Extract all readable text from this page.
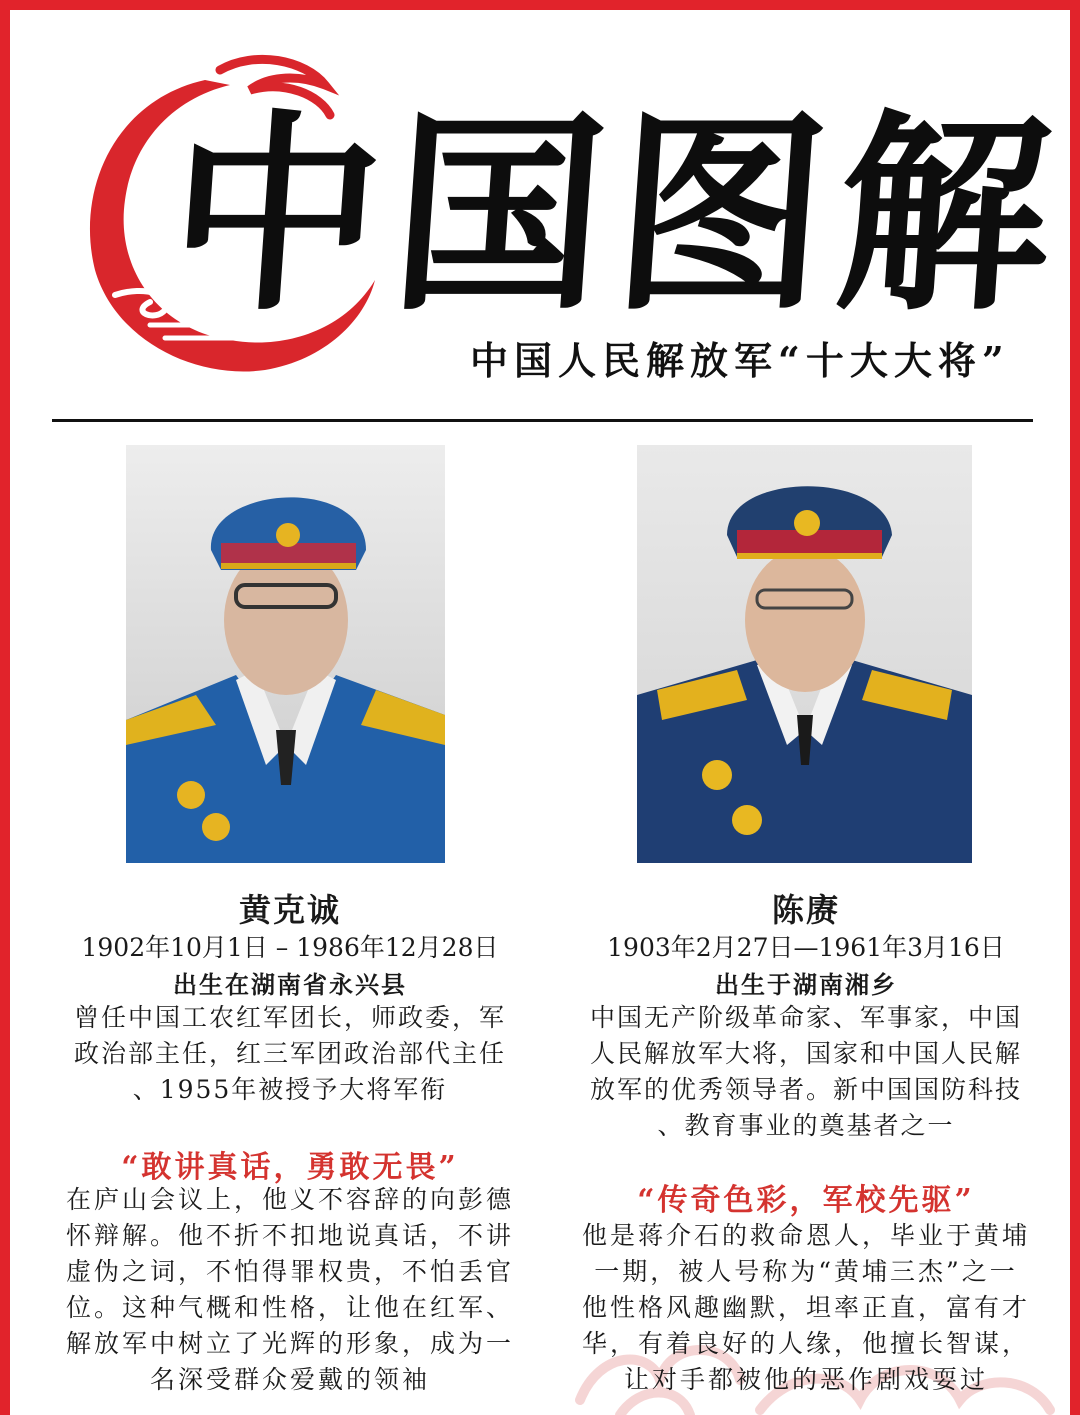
中
国
图
解
中国人民解放军“十大大将”
黄克诚
1902年10月1日 – 1986年12月28日
出生在湖南省永兴县
曾任中国工农红军团长，师政委，军
政治部主任，红三军团政治部代主任
、1955年被授予大将军衔
“敢讲真话，勇敢无畏”
在庐山会议上，他义不容辞的向彭德
怀辩解。他不折不扣地说真话，不讲
虚伪之词，不怕得罪权贵，不怕丢官
位。这种气概和性格，让他在红军、
解放军中树立了光辉的形象，成为一
名深受群众爱戴的领袖
陈赓
1903年2月27日—1961年3月16日
出生于湖南湘乡
中国无产阶级革命家、军事家，中国
人民解放军大将，国家和中国人民解
放军的优秀领导者。新中国国防科技
、教育事业的奠基者之一
“传奇色彩，军校先驱”
他是蒋介石的救命恩人，毕业于黄埔
一期，被人号称为“黄埔三杰”之一
他性格风趣幽默，坦率正直，富有才
华，有着良好的人缘，他擅长智谋，
让对手都被他的恶作剧戏耍过
